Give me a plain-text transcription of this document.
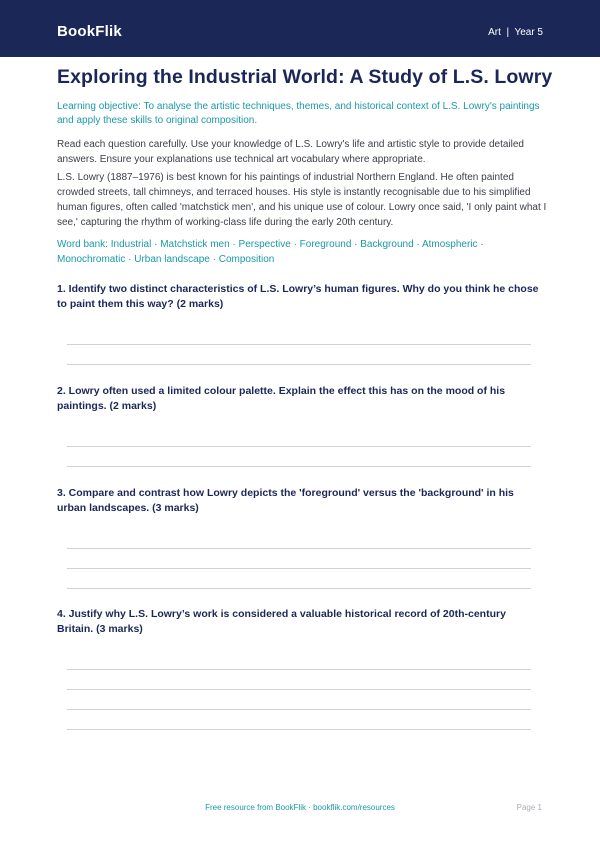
BookFlik	Art  |  Year 5
Exploring the Industrial World: A Study of L.S. Lowry
Learning objective: To analyse the artistic techniques, themes, and historical context of L.S. Lowry's paintings and apply these skills to original composition.
Read each question carefully. Use your knowledge of L.S. Lowry's life and artistic style to provide detailed answers. Ensure your explanations use technical art vocabulary where appropriate.
L.S. Lowry (1887–1976) is best known for his paintings of industrial Northern England. He often painted crowded streets, tall chimneys, and terraced houses. His style is instantly recognisable due to his simplified human figures, often called 'matchstick men', and his unique use of colour. Lowry once said, 'I only paint what I see,' capturing the rhythm of working-class life during the early 20th century.
Word bank: Industrial · Matchstick men · Perspective · Foreground · Background · Atmospheric · Monochromatic · Urban landscape · Composition
1. Identify two distinct characteristics of L.S. Lowry’s human figures. Why do you think he chose to paint them this way? (2 marks)
2. Lowry often used a limited colour palette. Explain the effect this has on the mood of his paintings. (2 marks)
3. Compare and contrast how Lowry depicts the 'foreground' versus the 'background' in his urban landscapes. (3 marks)
4. Justify why L.S. Lowry’s work is considered a valuable historical record of 20th-century Britain. (3 marks)
Free resource from BookFlik · bookflik.com/resources	Page 1
